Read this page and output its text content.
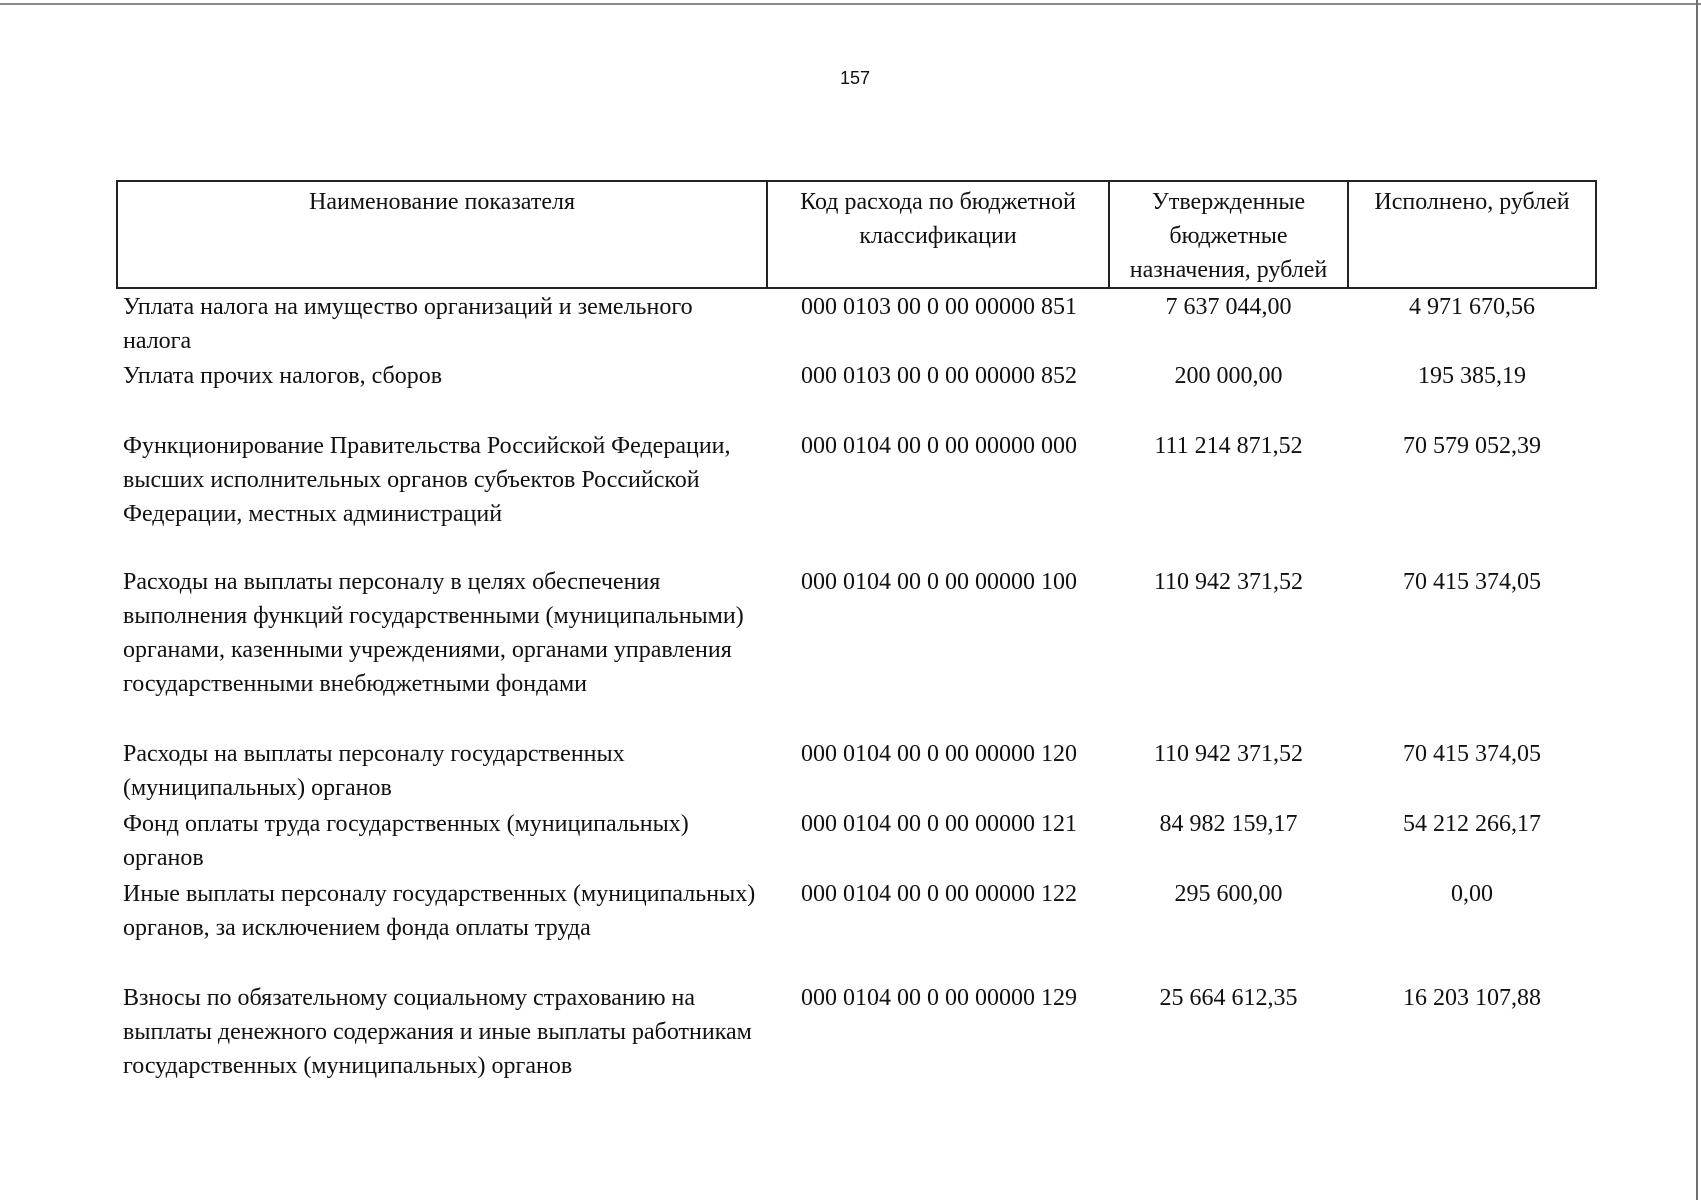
157
Наименование показателя	Код расхода по бюджетной классификации	Утвержденные бюджетные назначения, рублей	Исполнено, рублей
Уплата налога на имущество организаций и земельного налога	000 0103 00 0 00 00000 851	7 637 044,00	4 971 670,56
Уплата прочих налогов, сборов	000 0103 00 0 00 00000 852	200 000,00	195 385,19
Функционирование Правительства Российской Федерации, высших исполнительных органов субъектов Российской Федерации, местных администраций	000 0104 00 0 00 00000 000	111 214 871,52	70 579 052,39
Расходы на выплаты персоналу в целях обеспечения выполнения функций государственными (муниципальными) органами, казенными учреждениями, органами управления государственными внебюджетными фондами	000 0104 00 0 00 00000 100	110 942 371,52	70 415 374,05
Расходы на выплаты персоналу государственных (муниципальных) органов	000 0104 00 0 00 00000 120	110 942 371,52	70 415 374,05
Фонд оплаты труда государственных (муниципальных) органов	000 0104 00 0 00 00000 121	84 982 159,17	54 212 266,17
Иные выплаты персоналу государственных (муниципальных) органов, за исключением фонда оплаты труда	000 0104 00 0 00 00000 122	295 600,00	0,00
Взносы по обязательному социальному страхованию на выплаты денежного содержания и иные выплаты работникам государственных (муниципальных) органов	000 0104 00 0 00 00000 129	25 664 612,35	16 203 107,88
